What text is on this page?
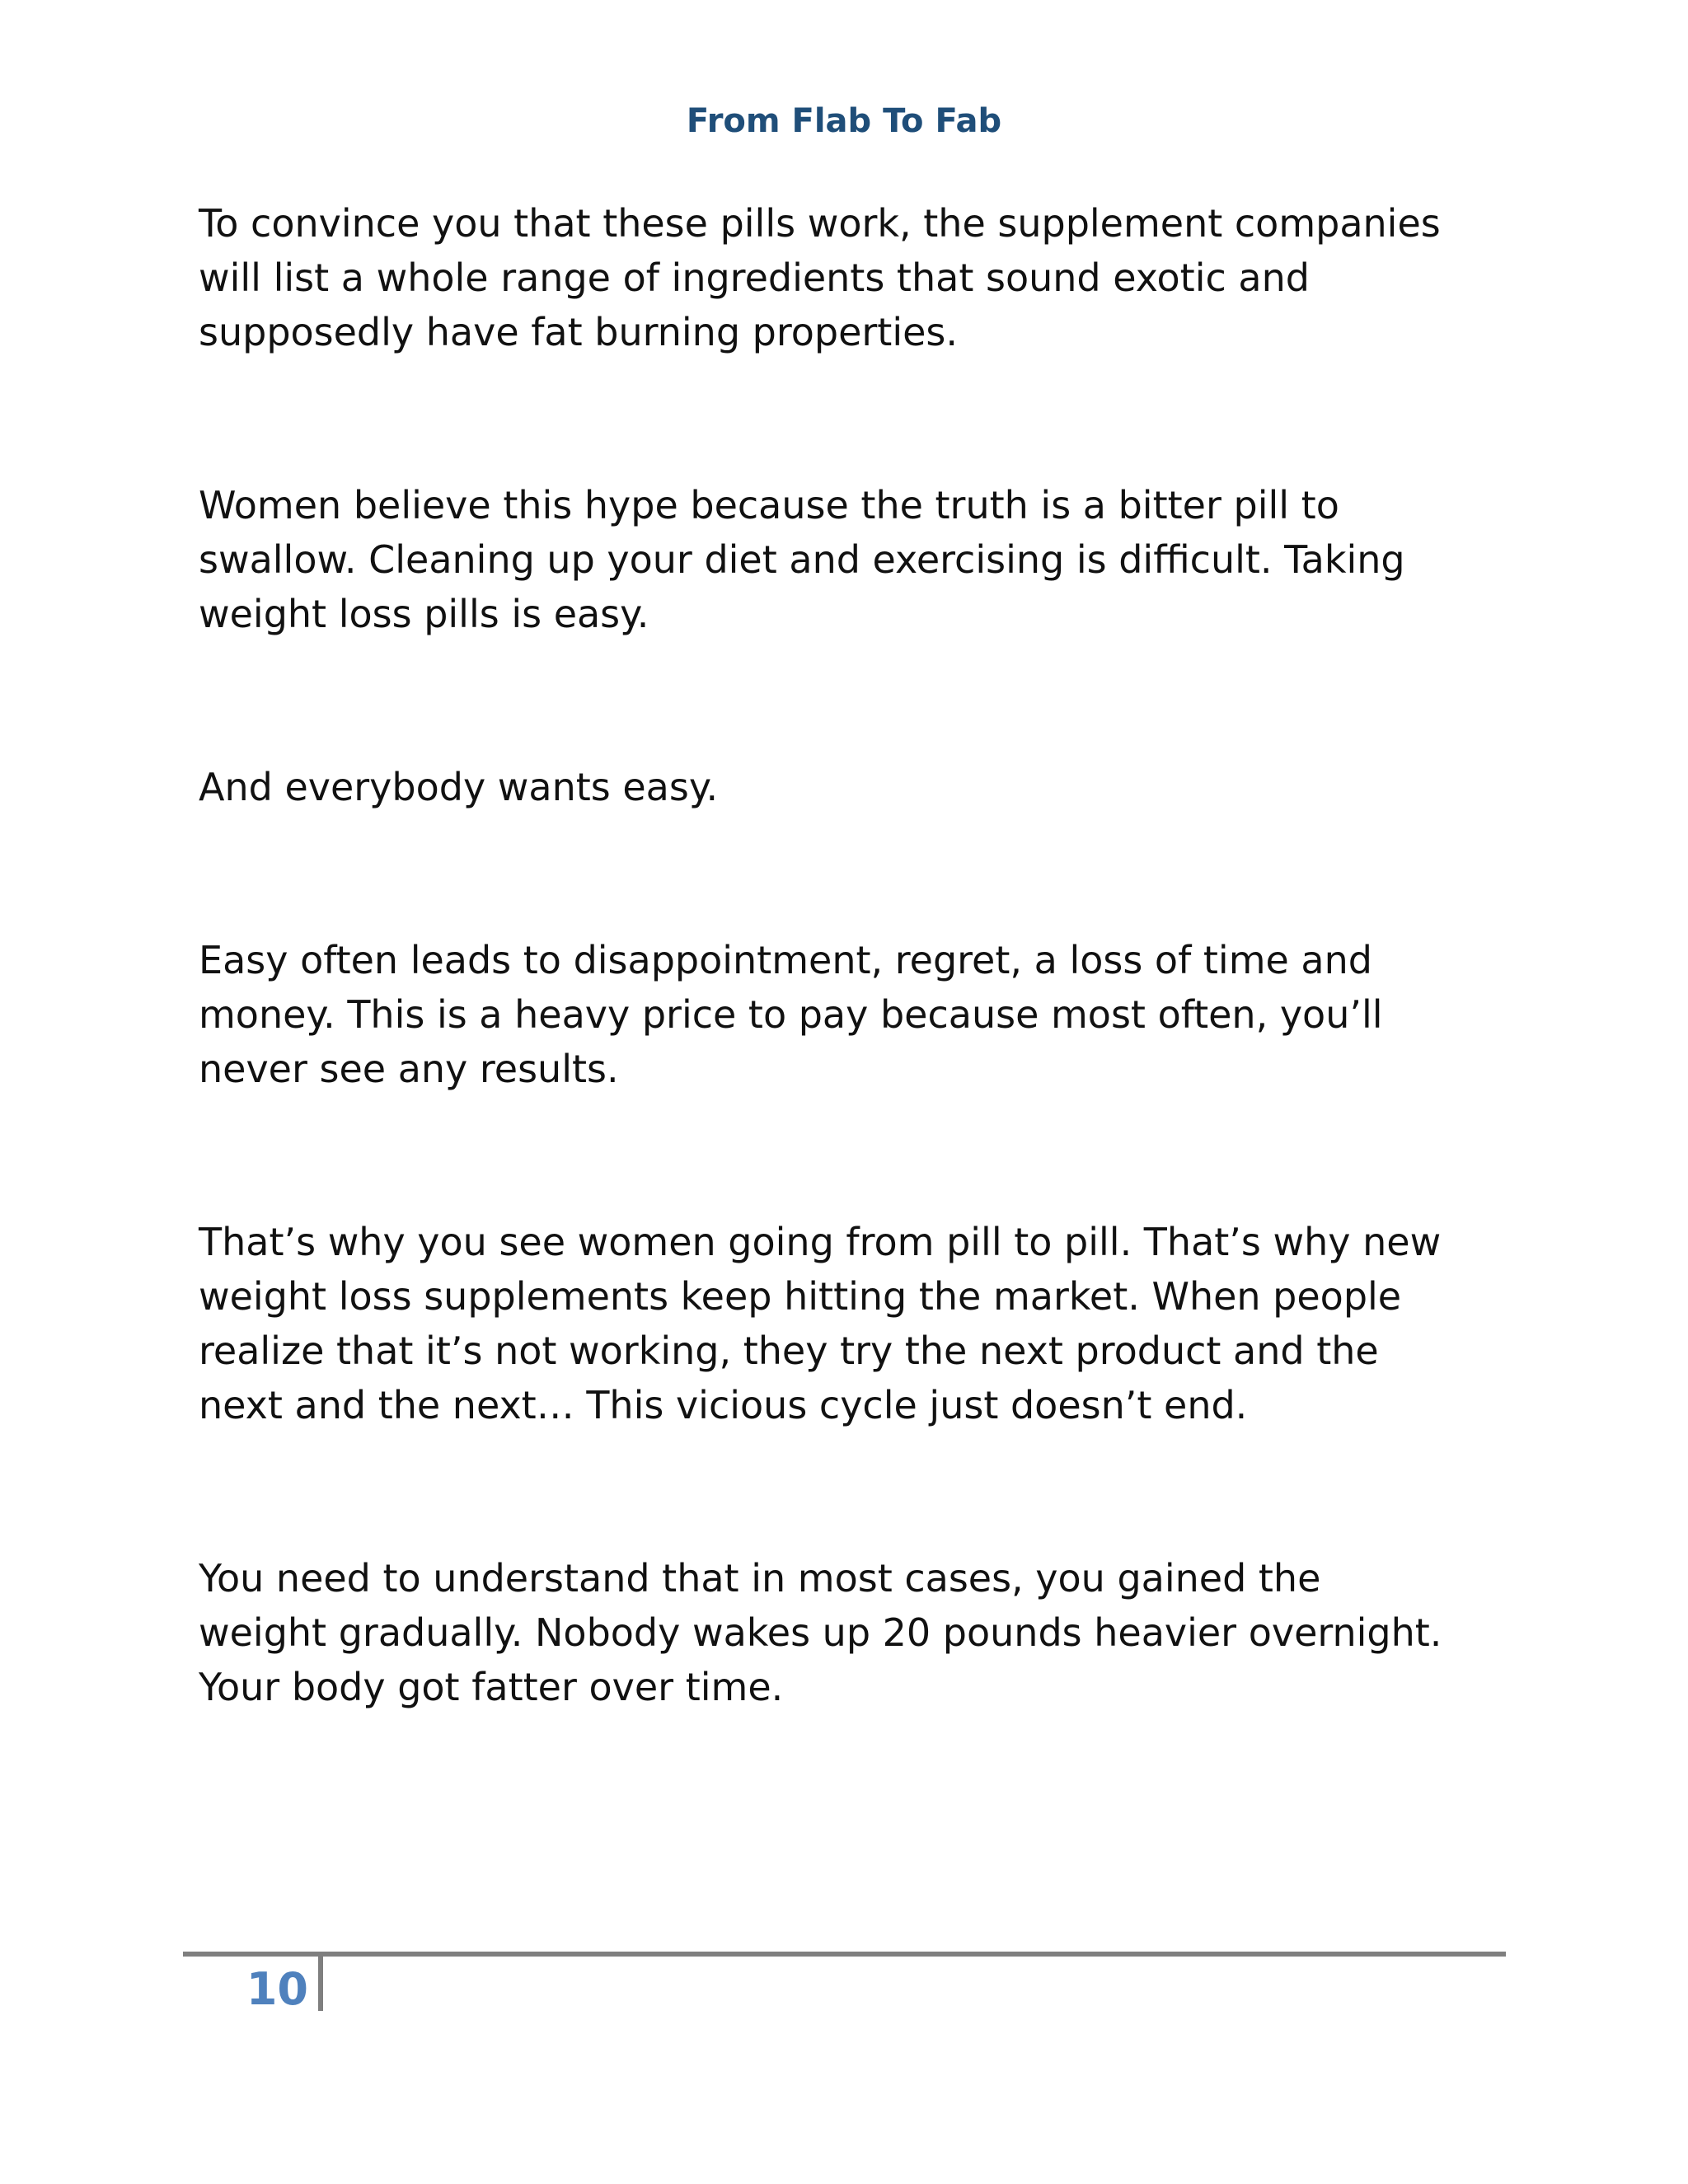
From Flab To Fab

To convince you that these pills work, the supplement companies
will list a whole range of ingredients that sound exotic and
supposedly have fat burning properties.

Women believe this hype because the truth is a bitter pill to
swallow. Cleaning up your diet and exercising is difficult. Taking
weight loss pills is easy.

And everybody wants easy.

Easy often leads to disappointment, regret, a loss of time and
money. This is a heavy price to pay because most often, you’ll
never see any results.

That’s why you see women going from pill to pill. That’s why new
weight loss supplements keep hitting the market. When people
realize that it’s not working, they try the next product and the
next and the next… This vicious cycle just doesn’t end.

You need to understand that in most cases, you gained the
weight gradually. Nobody wakes up 20 pounds heavier overnight.
Your body got fatter over time.

10
